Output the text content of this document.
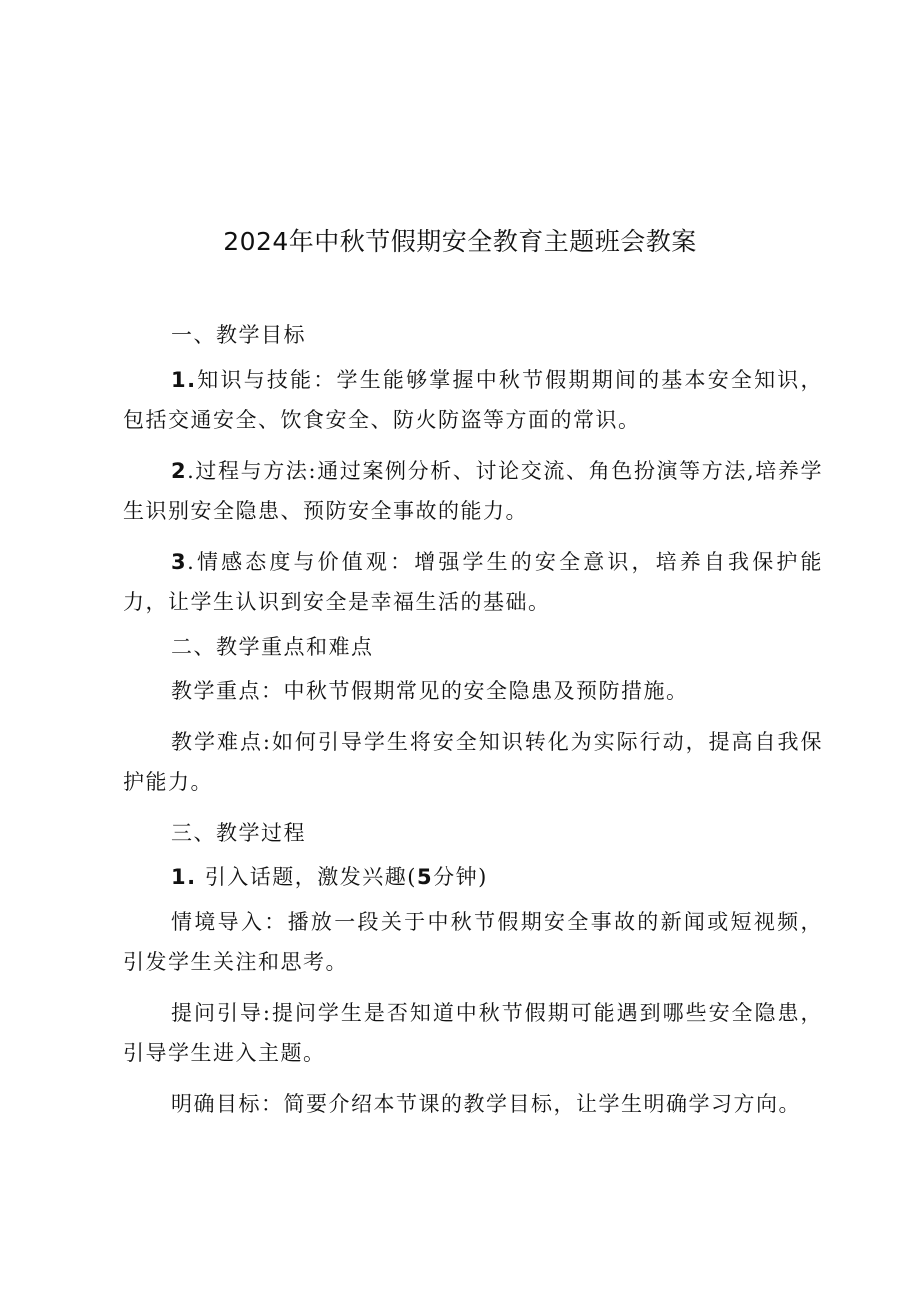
2024年中秋节假期安全教育主题班会教案

一、教学目标

1.知识与技能：学生能够掌握中秋节假期期间的基本安全知识，包括交通安全、饮食安全、防火防盗等方面的常识。

2.过程与方法:通过案例分析、讨论交流、角色扮演等方法,培养学生识别安全隐患、预防安全事故的能力。

3.情感态度与价值观：增强学生的安全意识，培养自我保护能力，让学生认识到安全是幸福生活的基础。

二、教学重点和难点

教学重点：中秋节假期常见的安全隐患及预防措施。

教学难点:如何引导学生将安全知识转化为实际行动，提高自我保护能力。

三、教学过程

1. 引入话题，激发兴趣(5分钟)

情境导入：播放一段关于中秋节假期安全事故的新闻或短视频，引发学生关注和思考。

提问引导:提问学生是否知道中秋节假期可能遇到哪些安全隐患，引导学生进入主题。

明确目标：简要介绍本节课的教学目标，让学生明确学习方向。
